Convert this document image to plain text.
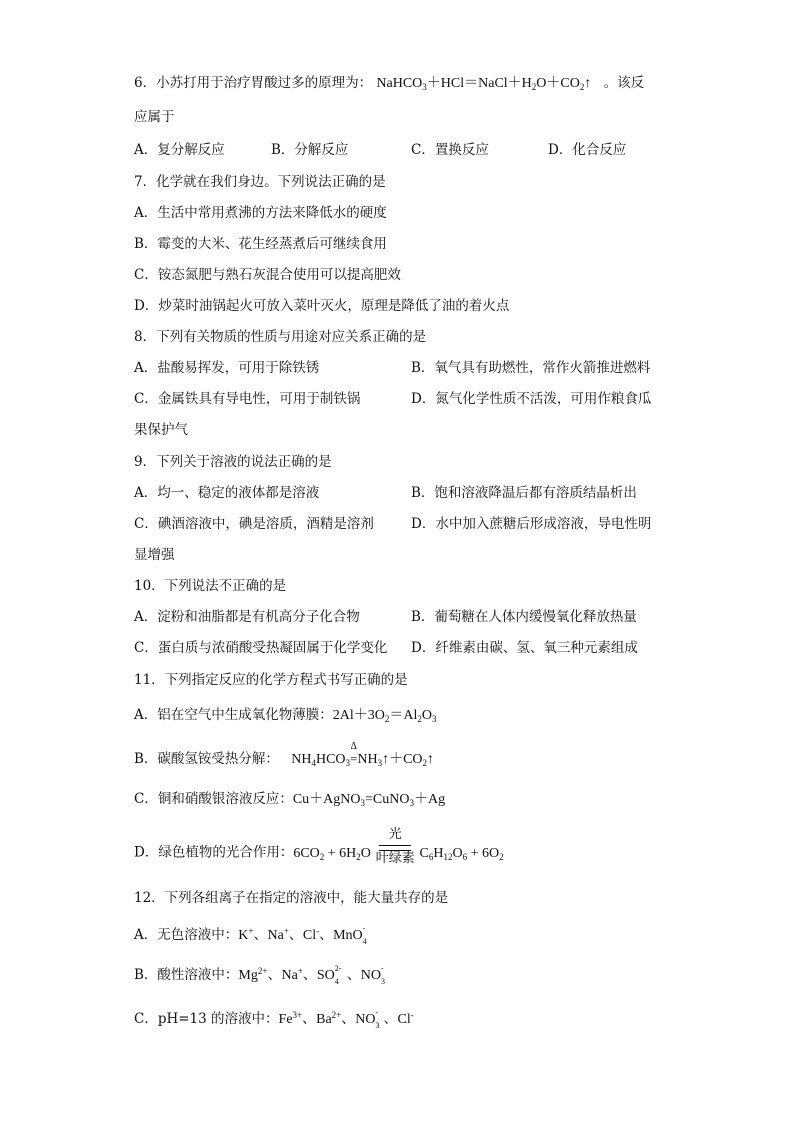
6．小苏打用于治疗胃酸过多的原理为： $NaHCO_3+HCl=NaCl+H_2O+CO_2↑$ 。该反
应属于
A．复分解反应	B．分解反应	C．置换反应	D．化合反应
7．化学就在我们身边。下列说法正确的是
A．生活中常用煮沸的方法来降低水的硬度
B．霉变的大米、花生经蒸煮后可继续食用
C．铵态氮肥与熟石灰混合使用可以提高肥效
D．炒菜时油锅起火可放入菜叶灭火，原理是降低了油的着火点
8．下列有关物质的性质与用途对应关系正确的是
A．盐酸易挥发，可用于除铁锈	B．氧气具有助燃性，常作火箭推进燃料
C．金属铁具有导电性，可用于制铁锅	D．氮气化学性质不活泼，可用作粮食瓜
果保护气
9．下列关于溶液的说法正确的是
A．均一、稳定的液体都是溶液	B．饱和溶液降温后都有溶质结晶析出
C．碘酒溶液中，碘是溶质，酒精是溶剂	D．水中加入蔗糖后形成溶液，导电性明
显增强
10．下列说法不正确的是
A．淀粉和油脂都是有机高分子化合物	B．葡萄糖在人体内缓慢氧化释放热量
C．蛋白质与浓硝酸受热凝固属于化学变化 D．纤维素由碳、氢、氧三种元素组成
11．下列指定反应的化学方程式书写正确的是
A．铝在空气中生成氧化物薄膜：$2Al+3O_2=Al_2O_3$
B．碳酸氢铵受热分解： $NH_4HCO_3$
Δ
$=NH_3↑+CO_2↑$
C．铜和硝酸银溶液反应：Cu＋AgNO$_3$=CuNO$_3$＋Ag
D．绿色植物的光合作用：$6CO_2 + 6H_2O$
光
叶绿素 $C_6H_{12}O_6 + 6O_2$
12．下列各组离子在指定的溶液中，能大量共存的是
A．无色溶液中：K+、Na+、Cl-、MnO -
4
B．酸性溶液中：$Mg^{2+}$、Na+、SO 2-
4 、NO -
3
C．pH=13 的溶液中：$Fe^{3+}$、$Ba^{2+}$、NO -
3 、Cl-
